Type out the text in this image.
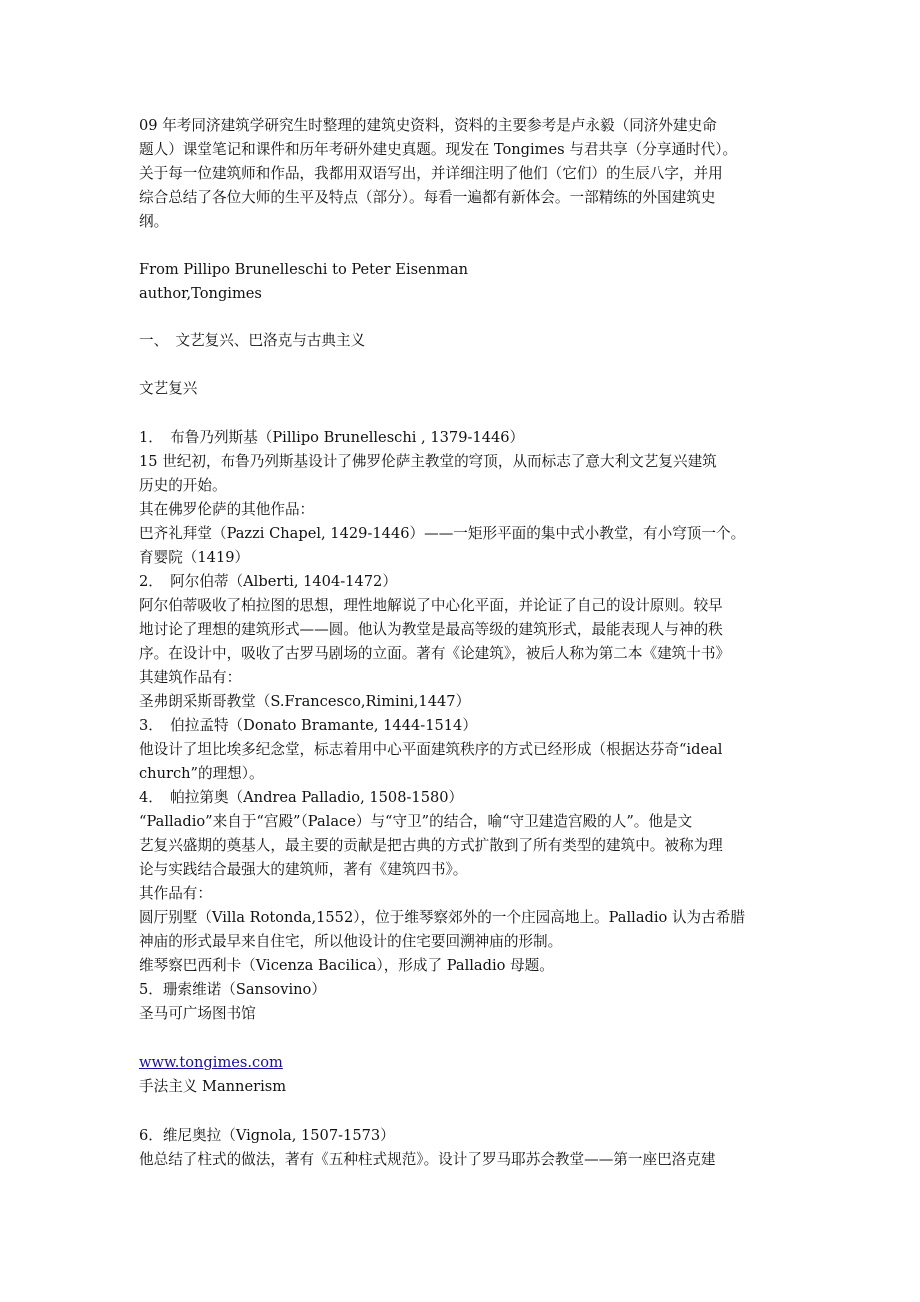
09 年考同济建筑学研究生时整理的建筑史资料，资料的主要参考是卢永毅（同济外建史命
题人）课堂笔记和课件和历年考研外建史真题。现发在 Tongimes 与君共享（分享通时代）。
关于每一位建筑师和作品，我都用双语写出，并详细注明了他们（它们）的生辰八字，并用
综合总结了各位大师的生平及特点（部分）。每看一遍都有新体会。一部精练的外国建筑史
纲。
From Pillipo Brunelleschi to Peter Eisenman
author,Tongimes
一、　文艺复兴、巴洛克与古典主义
文艺复兴
1．　布鲁乃列斯基（Pillipo Brunelleschi , 1379-1446）
15 世纪初，布鲁乃列斯基设计了佛罗伦萨主教堂的穹顶，从而标志了意大利文艺复兴建筑
历史的开始。
其在佛罗伦萨的其他作品：
巴齐礼拜堂（Pazzi Chapel, 1429-1446）——一矩形平面的集中式小教堂，有小穹顶一个。
育婴院（1419）
2．　阿尔伯蒂（Alberti, 1404-1472）
阿尔伯蒂吸收了柏拉图的思想，理性地解说了中心化平面，并论证了自己的设计原则。较早
地讨论了理想的建筑形式——圆。他认为教堂是最高等级的建筑形式，最能表现人与神的秩
序。在设计中，吸收了古罗马剧场的立面。著有《论建筑》，被后人称为第二本《建筑十书》
其建筑作品有：
圣弗朗采斯哥教堂（S.Francesco,Rimini,1447）
3．　伯拉孟特（Donato Bramante, 1444-1514）
他设计了坦比埃多纪念堂，标志着用中心平面建筑秩序的方式已经形成（根据达芬奇“ideal
church”的理想）。
4．　帕拉第奥（Andrea Palladio, 1508-1580）
“Palladio”来自于“宫殿”（Palace）与“守卫”的结合，喻“守卫建造宫殿的人”。他是文
艺复兴盛期的奠基人，最主要的贡献是把古典的方式扩散到了所有类型的建筑中。被称为理
论与实践结合最强大的建筑师，著有《建筑四书》。
其作品有：
圆厅别墅（Villa Rotonda,1552），位于维琴察郊外的一个庄园高地上。Palladio 认为古希腊
神庙的形式最早来自住宅，所以他设计的住宅要回溯神庙的形制。
维琴察巴西利卡（Vicenza Bacilica），形成了 Palladio 母题。
5．珊索维诺（Sansovino）
圣马可广场图书馆
www.tongimes.com
手法主义 Mannerism
6．维尼奥拉（Vignola, 1507-1573）
他总结了柱式的做法，著有《五种柱式规范》。设计了罗马耶苏会教堂——第一座巴洛克建
